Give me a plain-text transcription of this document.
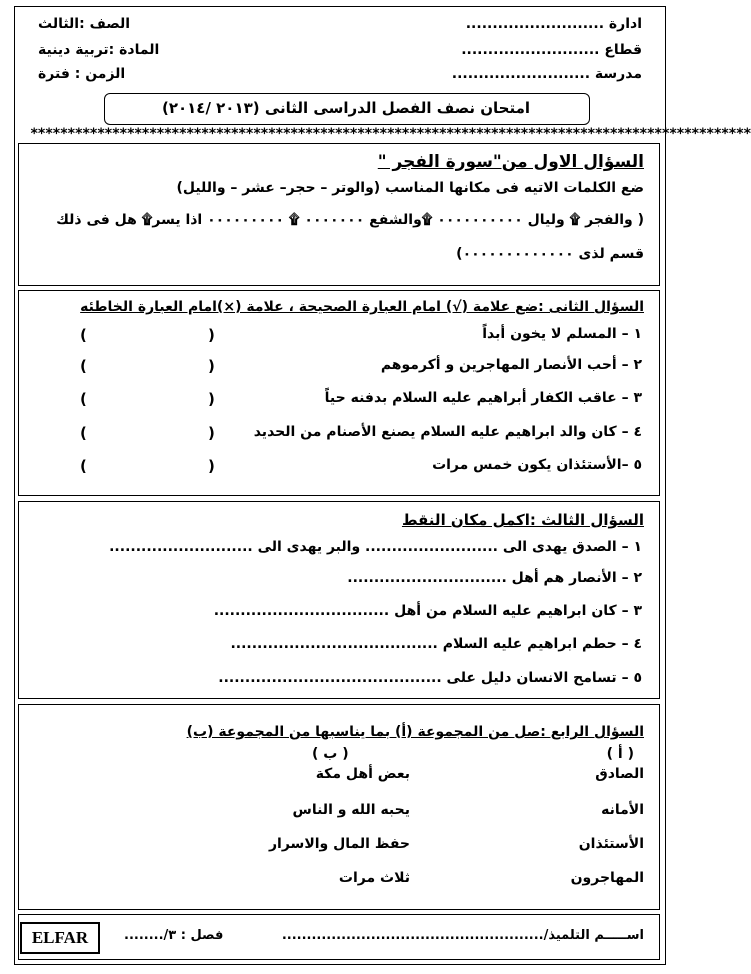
ادارة ..........................
قطاع ..........................
مدرسة ..........................
الصف :الثالث
المادة :تربية دينية
الزمن : فترة
امتحان نصف الفصل الدراسى الثانى (٢٠١٣ /٢٠١٤)
*************************************************************************************************
السؤال الاول من"سورة الفجر "
ضع الكلمات الاتيه فى مكانها المناسب (والوتر – حجر– عشر – والليل)
( والفجر ۩ وليال ٠٠٠٠٠٠٠٠٠٠ ۩والشفع ٠٠٠٠٠٠٠ ۩ ٠٠٠٠٠٠٠٠٠ اذا يسر۩ هل فى ذلك
قسم لذى ٠٠٠٠٠٠٠٠٠٠٠٠٠)
السؤال الثانى :ضع علامة (√) امام العبارة الصحيحة ، علامة (×)امام العبارة الخاطئه
١ – المسلم لا يخون أبداً
(
)
٢ – أحب الأنصار المهاجرين و أكرموهم
(
)
٣ – عاقب الكفار أبراهيم عليه السلام بدفنه حياً
(
)
٤ – كان والد ابراهيم عليه السلام يصنع الأصنام من الحديد
(
)
٥ –الأستئذان يكون خمس مرات
(
)
السؤال الثالث :اكمل مكان النقط
١ – الصدق يهدى الى ......................... والبر يهدى الى ...........................
٢ – الأنصار هم أهل ..............................
٣ – كان ابراهيم عليه السلام من أهل .................................
٤ – حطم ابراهيم عليه السلام .......................................
٥ – تسامح الانسان دليل على ..........................................
السؤال الرابع :صل من المجموعة (أ) بما يناسبها من المجموعة (ب)
( أ )
( ب )
الصادق
بعض أهل مكة
الأمانه
يحبه الله و الناس
الأستئذان
حفظ المال والاسرار
المهاجرون
ثلاث مرات
اســـــم التلميذ/.....................................................
فصل : ٣/........
ELFAR
